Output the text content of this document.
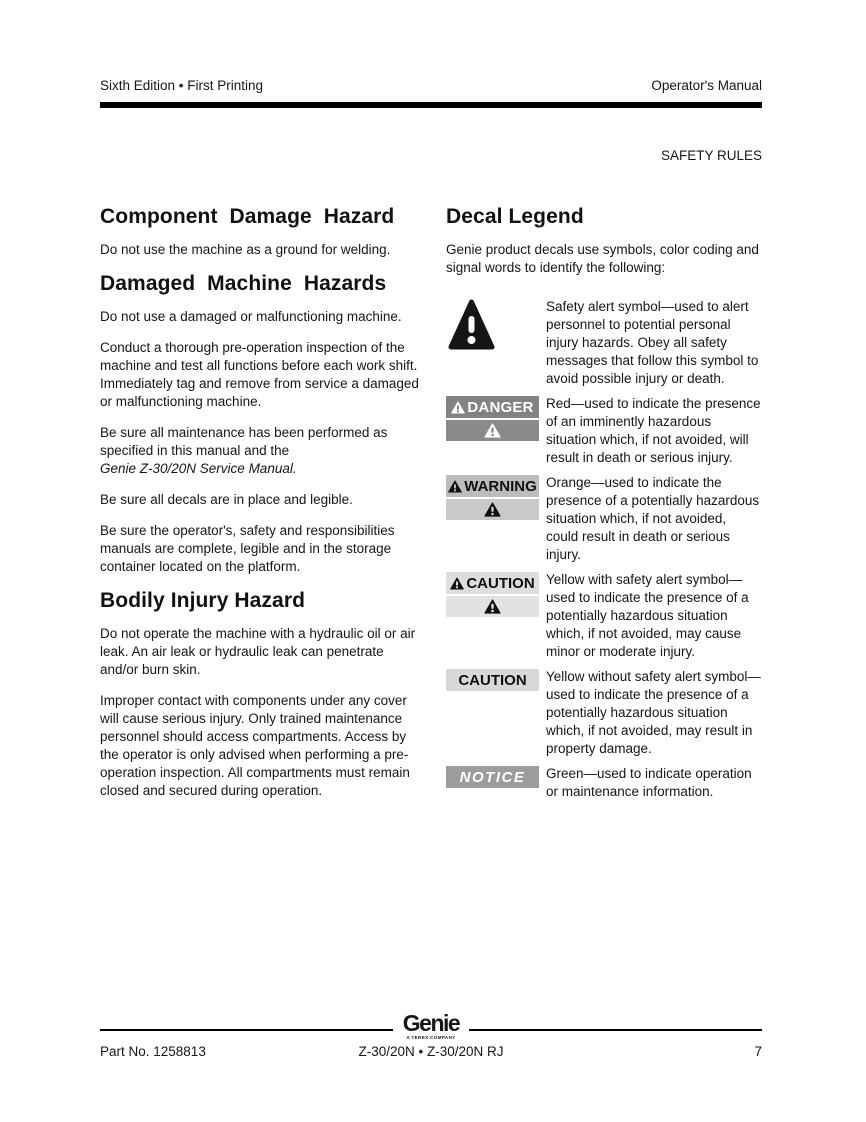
Sixth Edition • First Printing	Operator's Manual
SAFETY RULES
Component Damage Hazard

Do not use the machine as a ground for welding.

Damaged Machine Hazards

Do not use a damaged or malfunctioning machine.

Conduct a thorough pre-operation inspection of the machine and test all functions before each work shift. Immediately tag and remove from service a damaged or malfunctioning machine.

Be sure all maintenance has been performed as specified in this manual and the
Genie Z-30/20N Service Manual.

Be sure all decals are in place and legible.

Be sure the operator's, safety and responsibilities manuals are complete, legible and in the storage container located on the platform.

Bodily Injury Hazard

Do not operate the machine with a hydraulic oil or air leak. An air leak or hydraulic leak can penetrate and/or burn skin.

Improper contact with components under any cover will cause serious injury. Only trained maintenance personnel should access compartments. Access by the operator is only advised when performing a pre-operation inspection. All compartments must remain closed and secured during operation.

Decal Legend

Genie product decals use symbols, color coding and signal words to identify the following:

Safety alert symbol—used to alert personnel to potential personal injury hazards. Obey all safety messages that follow this symbol to avoid possible injury or death.
DANGER Red—used to indicate the presence of an imminently hazardous situation which, if not avoided, will result in death or serious injury.
WARNING Orange—used to indicate the presence of a potentially hazardous situation which, if not avoided, could result in death or serious injury.
CAUTION Yellow with safety alert symbol—used to indicate the presence of a potentially hazardous situation which, if not avoided, may cause minor or moderate injury.
CAUTION Yellow without safety alert symbol—used to indicate the presence of a potentially hazardous situation which, if not avoided, may result in property damage.
NOTICE Green—used to indicate operation or maintenance information.
Genie
A TEREX COMPANY
Part No. 1258813	Z-30/20N • Z-30/20N RJ	7
